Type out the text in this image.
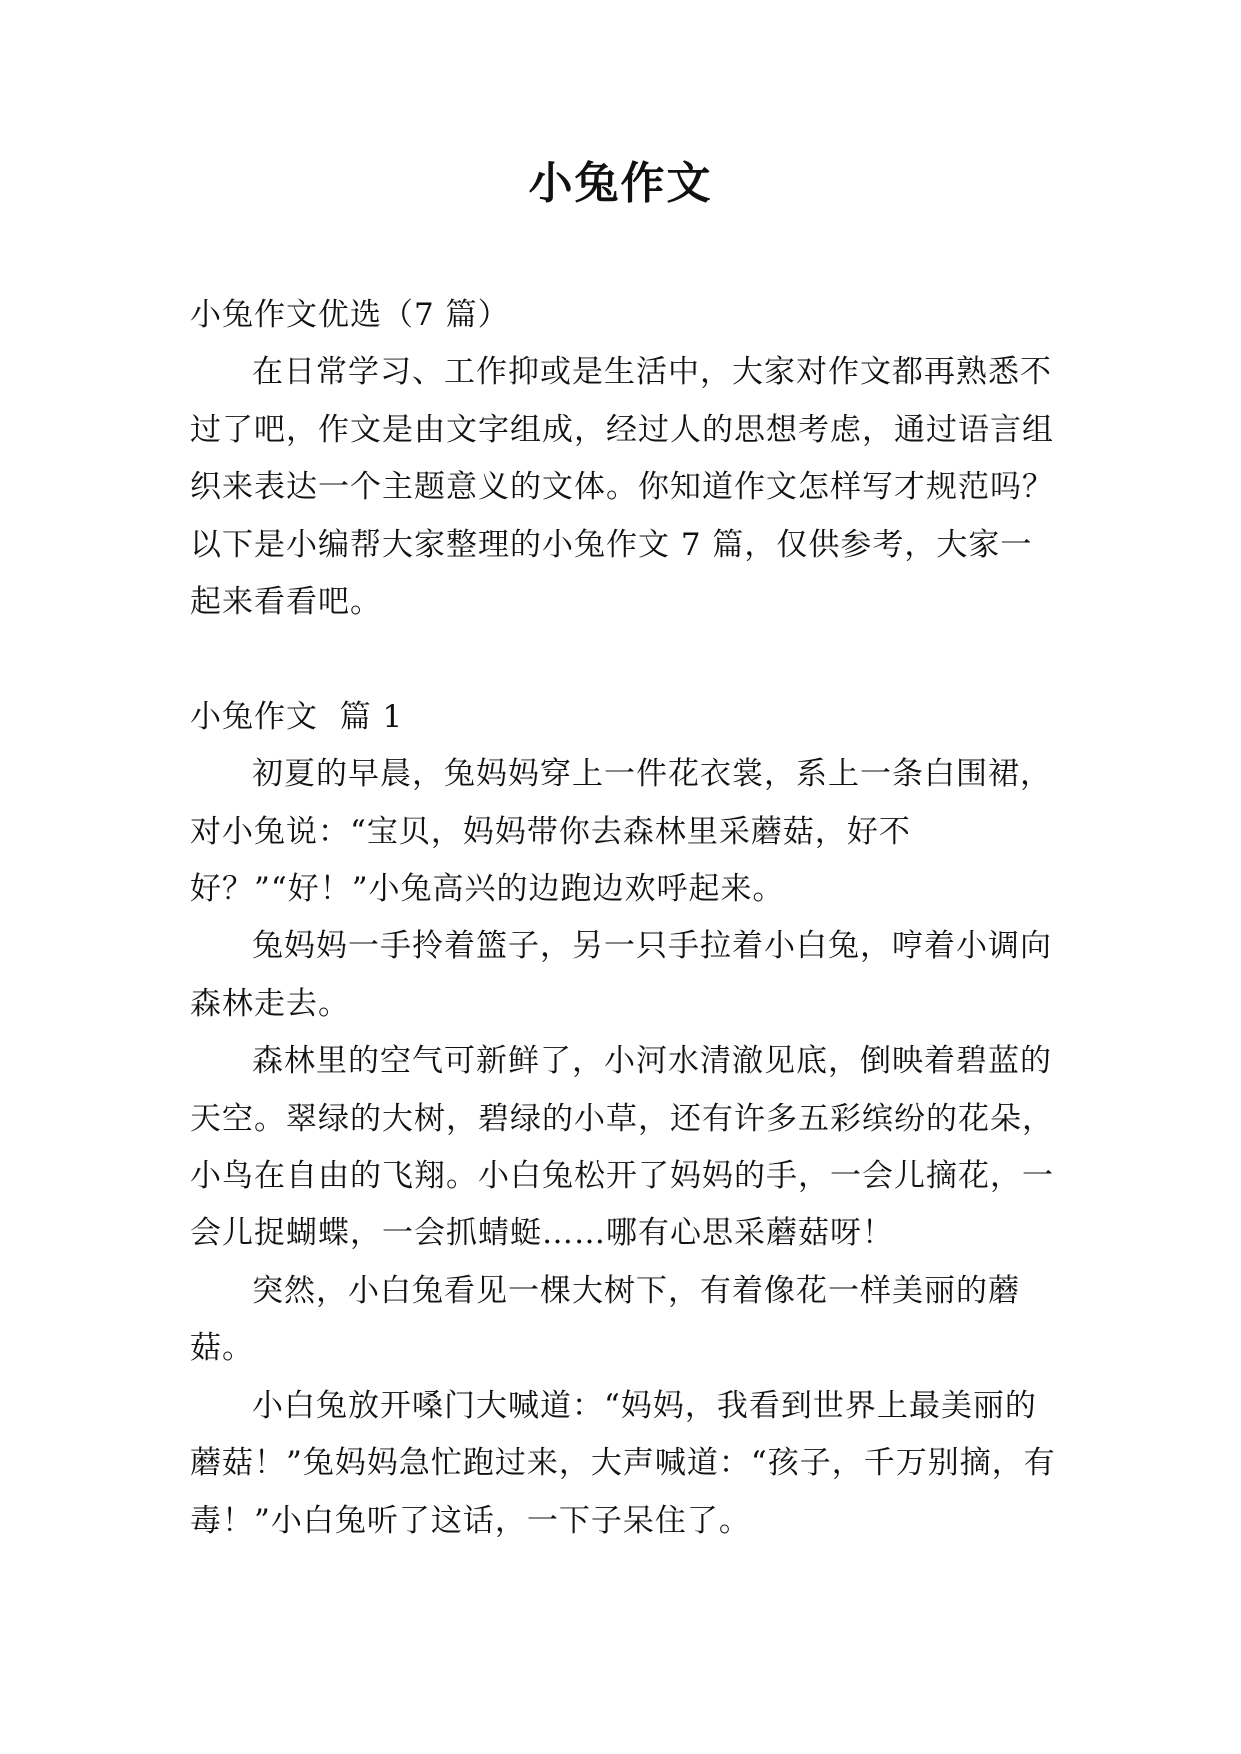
小兔作文

小兔作文优选（7 篇）

在日常学习、工作抑或是生活中，大家对作文都再熟悉不过了吧，作文是由文字组成，经过人的思想考虑，通过语言组织来表达一个主题意义的文体。你知道作文怎样写才规范吗？以下是小编帮大家整理的小兔作文 7 篇，仅供参考，大家一起来看看吧。

小兔作文  篇 1

初夏的早晨，兔妈妈穿上一件花衣裳，系上一条白围裙，对小兔说：“宝贝，妈妈带你去森林里采蘑菇，好不好？”“好！”小兔高兴的边跑边欢呼起来。

兔妈妈一手拎着篮子，另一只手拉着小白兔，哼着小调向森林走去。

森林里的空气可新鲜了，小河水清澈见底，倒映着碧蓝的天空。翠绿的大树，碧绿的小草，还有许多五彩缤纷的花朵，小鸟在自由的飞翔。小白兔松开了妈妈的手，一会儿摘花，一会儿捉蝴蝶，一会抓蜻蜓……哪有心思采蘑菇呀！

突然，小白兔看见一棵大树下，有着像花一样美丽的蘑菇。

小白兔放开嗓门大喊道：“妈妈，我看到世界上最美丽的蘑菇！”兔妈妈急忙跑过来，大声喊道：“孩子，千万别摘，有毒！”小白兔听了这话，一下子呆住了。
